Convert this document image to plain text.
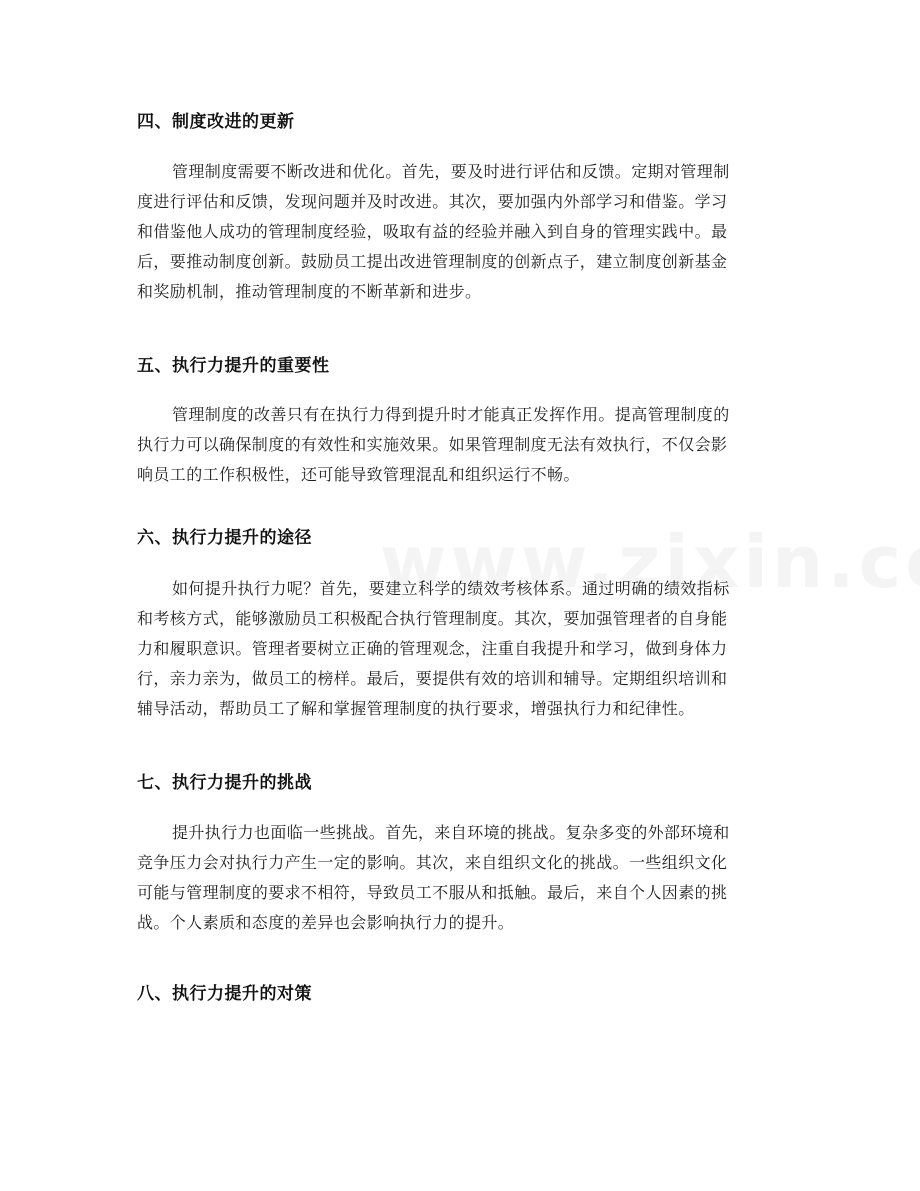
四、制度改进的更新
管理制度需要不断改进和优化。首先，要及时进行评估和反馈。定期对管理制
度进行评估和反馈，发现问题并及时改进。其次，要加强内外部学习和借鉴。学习
和借鉴他人成功的管理制度经验，吸取有益的经验并融入到自身的管理实践中。最
后，要推动制度创新。鼓励员工提出改进管理制度的创新点子，建立制度创新基金
和奖励机制，推动管理制度的不断革新和进步。
五、执行力提升的重要性
管理制度的改善只有在执行力得到提升时才能真正发挥作用。提高管理制度的
执行力可以确保制度的有效性和实施效果。如果管理制度无法有效执行，不仅会影
响员工的工作积极性，还可能导致管理混乱和组织运行不畅。
六、执行力提升的途径
如何提升执行力呢？首先，要建立科学的绩效考核体系。通过明确的绩效指标
和考核方式，能够激励员工积极配合执行管理制度。其次，要加强管理者的自身能
力和履职意识。管理者要树立正确的管理观念，注重自我提升和学习，做到身体力
行，亲力亲为，做员工的榜样。最后，要提供有效的培训和辅导。定期组织培训和
辅导活动，帮助员工了解和掌握管理制度的执行要求，增强执行力和纪律性。
七、执行力提升的挑战
提升执行力也面临一些挑战。首先，来自环境的挑战。复杂多变的外部环境和
竞争压力会对执行力产生一定的影响。其次，来自组织文化的挑战。一些组织文化
可能与管理制度的要求不相符，导致员工不服从和抵触。最后，来自个人因素的挑
战。个人素质和态度的差异也会影响执行力的提升。
八、执行力提升的对策
